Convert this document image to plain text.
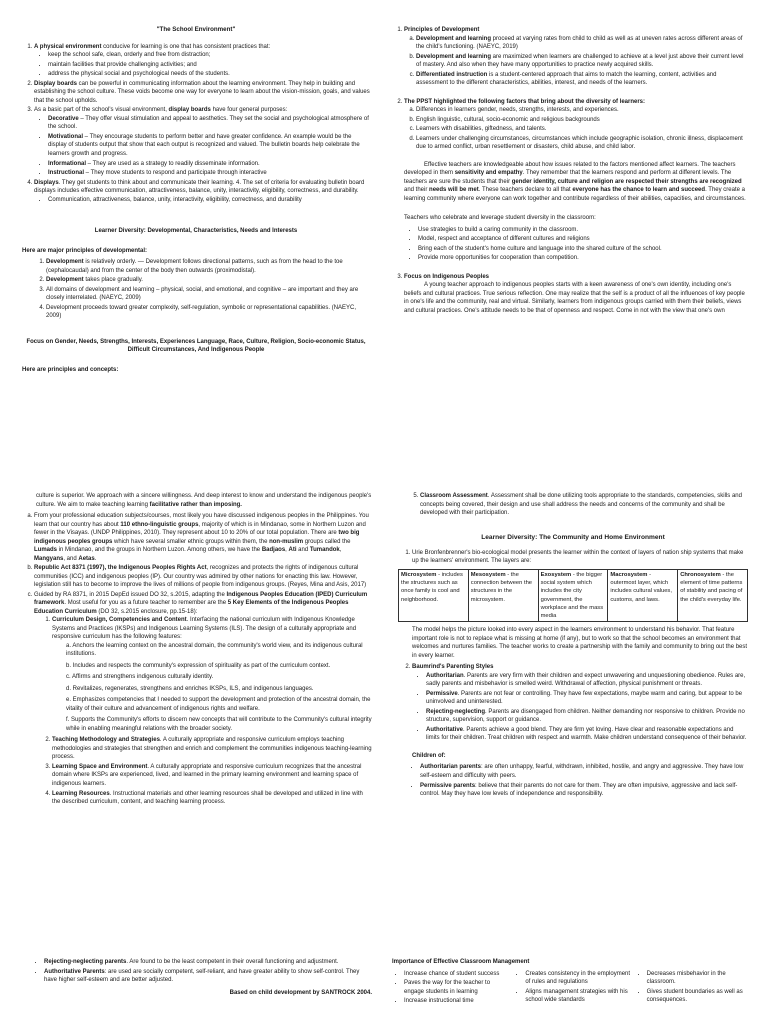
"The School Environment"

1. A physical environment conducive for learning is one that has consistent practices that:
• keep the school safe, clean, orderly and free from distraction;
• maintain facilities that provide challenging activities; and
• address the physical social and psychological needs of the students.
2. Display boards can be powerful in communicating information about the learning environment. They help in building and establishing the school culture. These voids become one way for everyone to learn about the vision-mission, goals, and values that the school upholds.
3. As a basic part of the school's visual environment, display boards have four general purposes:
• Decorative – They offer visual stimulation and appeal to aesthetics. They set the social and psychological atmosphere of the school.
• Motivational – They encourage students to perform better and have greater confidence. An example would be the display of students output that show that each output is recognized and valued. The bulletin boards help celebrate the learners growth and progress.
• Informational – They are used as a strategy to readily disseminate information.
• Instructional – They move students to respond and participate through interactive
4. Displays. They get students to think about and communicate their learning. 4. The set of criteria for evaluating bulletin board displays includes effective communication, attractiveness, balance, unity, interactivity, eligibility, correctness, and durability.
• Communication, attractiveness, balance, unity, interactivity, eligibility, correctness, and durability

Learner Diversity: Developmental, Characteristics, Needs and Interests

Here are major principles of developmental:

1. Development is relatively orderly. — Development follows directional patterns, such as from the head to the toe (cephalocaudal) and from the center of the body then outwards (proximodistal).
2. Development takes place gradually.
3. All domains of development and learning – physical, social, and emotional, and cognitive – are important and they are closely interrelated. (NAEYC, 2009)
4. Development proceeds toward greater complexity, self-regulation, symbolic or representational capabilities. (NAEYC, 2009)

Focus on Gender, Needs, Strengths, Interests, Experiences Language, Race, Culture, Religion, Socio-economic Status, Difficult Circumstances, And Indigenous People

Here are principles and concepts:

1. Principles of Development
a. Development and learning proceed at varying rates from child to child as well as at uneven rates across different areas of the child's functioning. (NAEYC, 2019)
b. Development and learning are maximized when learners are challenged to achieve at a level just above their current level of mastery. And also when they have many opportunities to practice newly acquired skills.
c. Differentiated instruction is a student-centered approach that aims to match the learning, content, activities and assessment to the different characteristics, abilities, interest, and needs of the learners.
2. The PPST highlighted the following factors that bring about the diversity of learners:
a. Differences in learners gender, needs, strengths, interests, and experiences.
b. English linguistic, cultural, socio-economic and religious backgrounds
c. Learners with disabilities, giftedness, and talents.
d. Learners under challenging circumstances, circumstances which include geographic isolation, chronic illness, displacement due to armed conflict, urban resettlement or disasters, child abuse, and child labor.

Effective teachers are knowledgeable about how issues related to the factors mentioned affect learners. The teachers developed in them sensitivity and empathy. They remember that the learners respond and perform at different levels. The teachers are sure the students that their gender identity, culture and religion are respected their strengths are recognized and their needs will be met. These teachers declare to all that everyone has the chance to learn and succeed. They create a learning community where everyone can work together and contribute regardless of their abilities, capacities, and circumstances.

Teachers who celebrate and leverage student diversity in the classroom:

• Use strategies to build a caring community in the classroom.
• Model, respect and acceptance of different cultures and religions
• Bring each of the student's home culture and language into the shared culture of the school.
• Provide more opportunities for cooperation than competition.
3. Focus on Indigenous Peoples

A young teacher approach to indigenous peoples starts with a keen awareness of one's own identity, including one's beliefs and cultural practices. True serious reflection. One may realize that the self is a product of all the influences of key people in one's life and the community, real and virtual. Similarly, learners from indigenous groups carried with them their beliefs, views and cultural practices. One's attitude needs to be that of openness and respect. Come in not with the view that one's own

culture is superior. We approach with a sincere willingness. And deep interest to know and understand the indigenous people's culture. We aim to make teaching learning facilitative rather than imposing.

a. From your professional education subjects/courses, most likely you have discussed indigenous peoples in the Philippines. You learn that our country has about 110 ethno-linguistic groups, majority of which is in Mindanao, some in Northern Luzon and fewer in the Visayas. (UNDP Philippines, 2010). They represent about 10 to 20% of our total population. There are two big indigenous peoples groups which have several smaller ethnic groups within them, the non-muslim groups called the Lumads in Mindanao, and the groups in Northern Luzon. Among others, we have the Badjaos, Ati and Tumandok, Mangyans, and Aetas.
b. Republic Act 8371 (1997), the Indigenous Peoples Rights Act, recognizes and protects the rights of indigenous cultural communities (ICC) and indigenous peoples (IP). Our country was admired by other nations for enacting this law. However, legislation still has to become to improve the lives of millions of people from indigenous groups. (Reyes, Mina and Asis, 2017)
c. Guided by RA 8371, in 2015 DepEd issued DO 32, s.2015, adapting the Indigenous Peoples Education (IPED) Curriculum framework. Most useful for you as a future teacher to remember are the 5 Key Elements of the Indigenous Peoples Education Curriculum (DO 32, s.2015 enclosure, pp.15-18):
1. Curriculum Design, Competencies and Content. Interfacing the national curriculum with Indigenous Knowledge Systems and Practices (IKSPs) and Indigenous Learning Systems (ILS). The design of a culturally appropriate and responsive curriculum has the following features:

a. Anchors the learning context on the ancestral domain, the community's world view, and its indigenous cultural institutions.

b. Includes and respects the community's expression of spirituality as part of the curriculum context.

c. Affirms and strengthens indigenous culturally identity.

d. Revitalizes, regenerates, strengthens and enriches IKSPs, ILS, and indigenous languages.

e. Emphasizes competencies that I needed to support the development and protection of the ancestral domain, the vitality of their culture and advancement of indigenous rights and welfare.

f. Supports the Community's efforts to discern new concepts that will contribute to the Community's cultural integrity while in enabling meaningful relations with the broader society.

2. Teaching Methodology and Strategies. A culturally appropriate and responsive curriculum employs teaching methodologies and strategies that strengthen and enrich and complement the communities indigenous teaching-learning process.
3. Learning Space and Environment. A culturally appropriate and responsive curriculum recognizes that the ancestral domain where IKSPs are experienced, lived, and learned in the primary learning environment and learning space of indigenous learners.
4. Learning Resources. Instructional materials and other learning resources shall be developed and utilized in line with the described curriculum, content, and teaching learning process.
5. Classroom Assessment. Assessment shall be done utilizing tools appropriate to the standards, competencies, skills and concepts being covered, their design and use shall address the needs and concerns of the community and shall be developed with their participation.

Learner Diversity: The Community and Home Environment

1. Urie Bronfenbrenner's bio-ecological model presents the learner within the context of layers of nation ship systems that make up the learners' environment. The layers are:
Microsystem - includes the structures such as once family is cool and neighborhood.	Mesosystem - the connection between the structures in the microsystem.	Exosystem - the bigger social system which includes the city government, the workplace and the mass media	Macrosystem - outermost layer, which includes cultural values, customs, and laws.	Chronosystem - the element of time patterns of stability and pacing of the child's everyday life.

The model helps the picture looked into every aspect in the learners environment to understand his behavior. That feature important role is not to replace what is missing at home (if any), but to work so that the school becomes an environment that welcomes and nurtures families. The teacher works to create a partnership with the family and community to bring out the best in every learner.

2. Baumrind's Parenting Styles
• Authoritarian. Parents are very firm with their children and expect unwavering and unquestioning obedience. Rules are, sadly parents and misbehavior is smelled weird. Withdrawal of affection, physical punishment or threats.
• Permissive. Parents are not fear or controlling. They have few expectations, maybe warm and caring, but appear to be uninvolved and uninterested.
• Rejecting-neglecting. Parents are disengaged from children. Neither demanding nor responsive to children. Provide no structure, supervision, support or guidance.
• Authoritative. Parents achieve a good blend. They are firm yet loving. Have clear and reasonable expectations and limits for their children. Treat children with respect and warmth. Make children understand consequence of their behavior.

Children of:

• Authoritarian parents: are often unhappy, fearful, withdrawn, inhibited, hostile, and angry and aggressive. They have low self-esteem and difficulty with peers.
• Permissive parents: believe that their parents do not care for them. They are often impulsive, aggressive and lack self-control. May they have low levels of independence and responsibility.
• Rejecting-neglecting parents. Are found to be the least competent in their overall functioning and adjustment.
• Authoritative Parents: are used are socially competent, self-reliant, and have greater ability to show self-control. They have higher self-esteem and are better adjusted.

Based on child development by SANTROCK 2004.

Importance of Effective Classroom Management

• Increase chance of student success
• Paves the way for the teacher to engage students in learning
• Increase instructional time
• Creates consistency in the employment of rules and regulations
• Aligns management strategies with his school wide standards
• Decreases misbehavior in the classroom.
• Gives student boundaries as well as consequences.
